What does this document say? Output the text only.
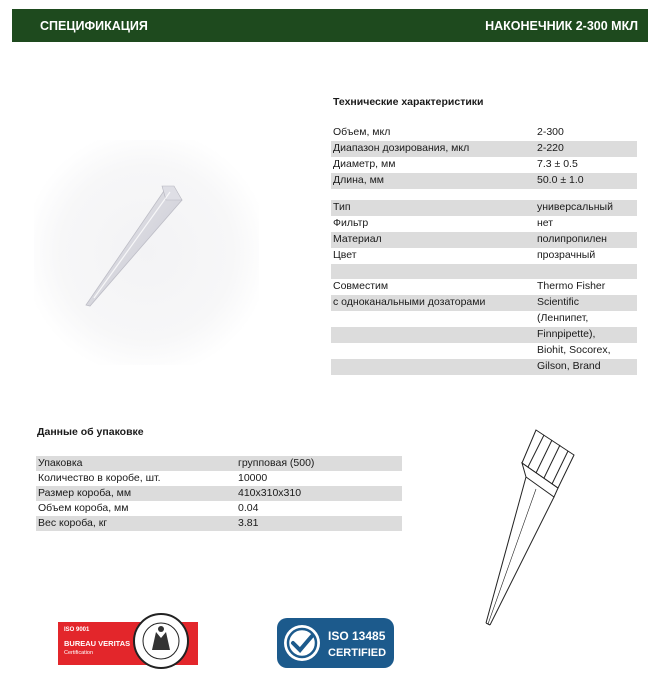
СПЕЦИФИКАЦИЯ	НАКОНЕЧНИК 2-300 МКЛ
Технические характеристики
Объем, мкл	2-300
Диапазон дозирования, мкл	2-220
Диаметр, мм	7.3 ± 0.5
Длина, мм	50.0 ± 1.0

Тип	универсальный
Фильтр	нет
Материал	полипропилен
Цвет	прозрачный

Совместим	Thermo Fisher
с одноканальными дозаторами	Scientific
	(Ленпипет,
	Finnpipette),
	Biohit, Socorex,
	Gilson, Brand
Данные об упаковке
Упаковка	групповая (500)
Количество в коробе, шт.	10000
Размер короба, мм	410x310x310
Объем короба, мм	0.04
Вес короба, кг	3.81
ISO 9001
BUREAU VERITAS
Certification
ISO 13485
CERTIFIED
